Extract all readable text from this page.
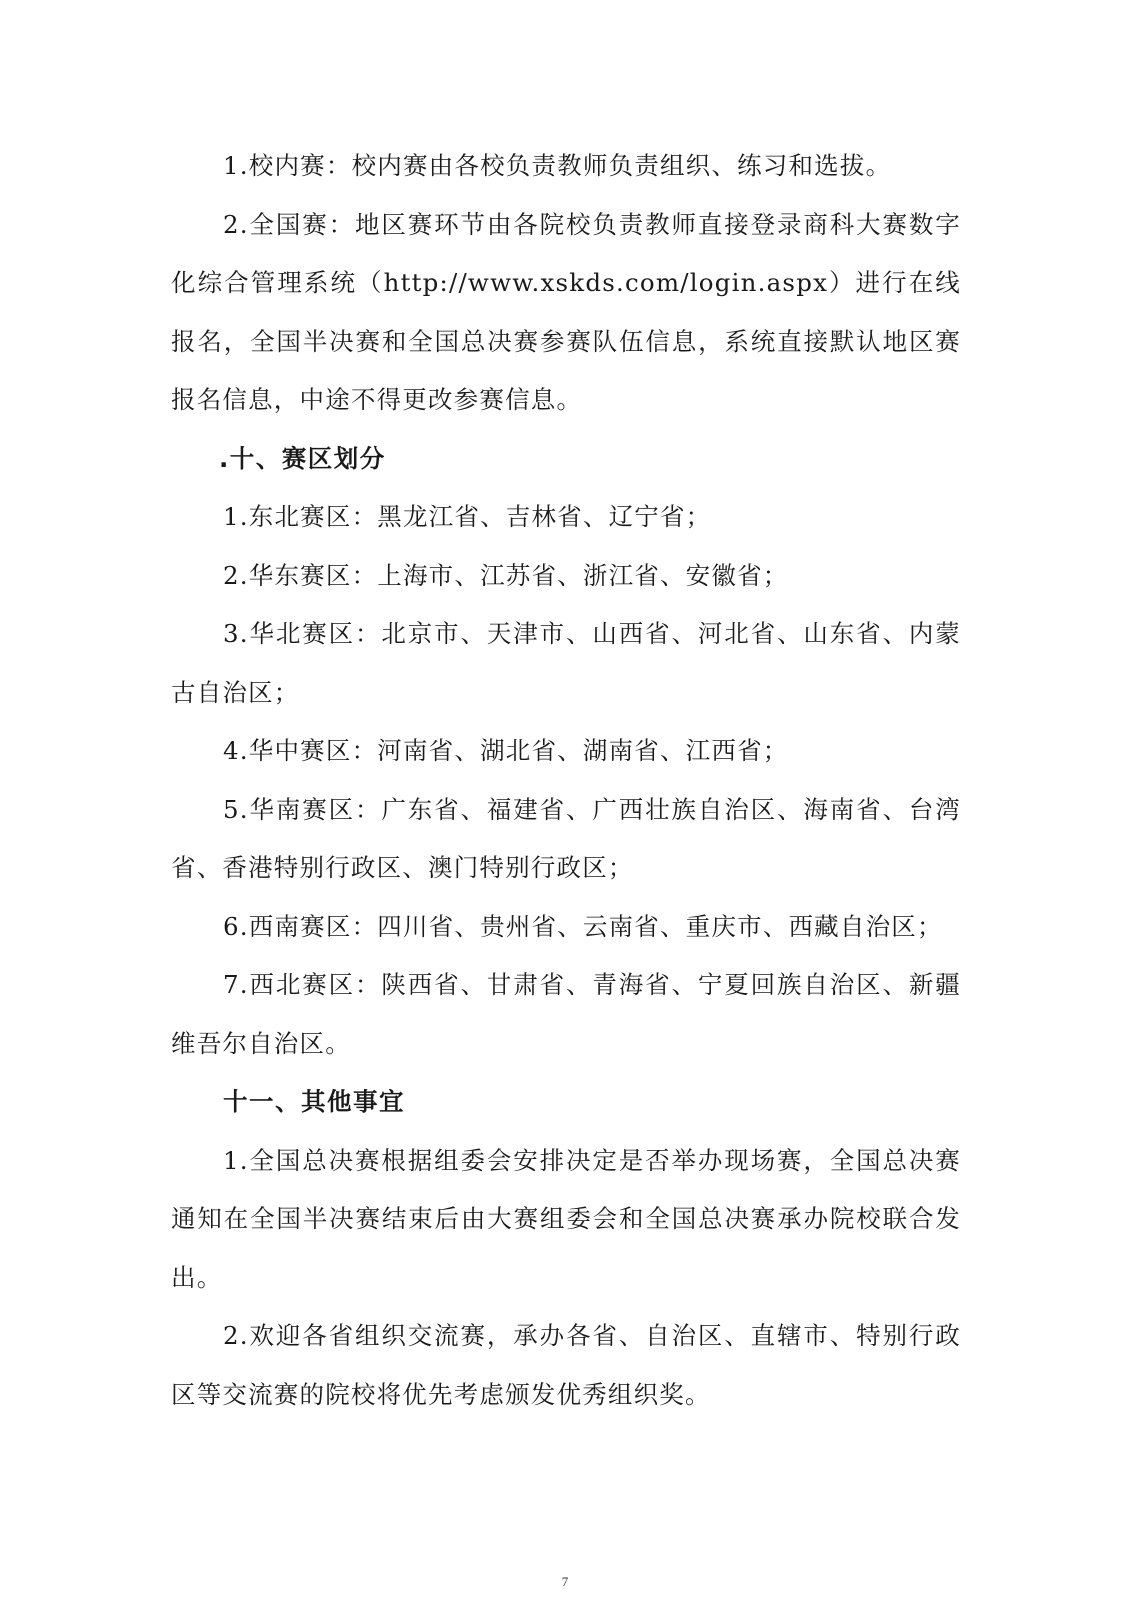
1.校内赛：校内赛由各校负责教师负责组织、练习和选拔。

2.全国赛：地区赛环节由各院校负责教师直接登录商科大赛数字化综合管理系统（http://www.xskds.com/login.aspx）进行在线报名，全国半决赛和全国总决赛参赛队伍信息，系统直接默认地区赛报名信息，中途不得更改参赛信息。

.十、赛区划分

1.东北赛区：黑龙江省、吉林省、辽宁省；

2.华东赛区：上海市、江苏省、浙江省、安徽省；

3.华北赛区：北京市、天津市、山西省、河北省、山东省、内蒙古自治区；

4.华中赛区：河南省、湖北省、湖南省、江西省；

5.华南赛区：广东省、福建省、广西壮族自治区、海南省、台湾省、香港特别行政区、澳门特别行政区；

6.西南赛区：四川省、贵州省、云南省、重庆市、西藏自治区；

7.西北赛区：陕西省、甘肃省、青海省、宁夏回族自治区、新疆维吾尔自治区。

十一、其他事宜

1.全国总决赛根据组委会安排决定是否举办现场赛，全国总决赛通知在全国半决赛结束后由大赛组委会和全国总决赛承办院校联合发出。

2.欢迎各省组织交流赛，承办各省、自治区、直辖市、特别行政区等交流赛的院校将优先考虑颁发优秀组织奖。

7
